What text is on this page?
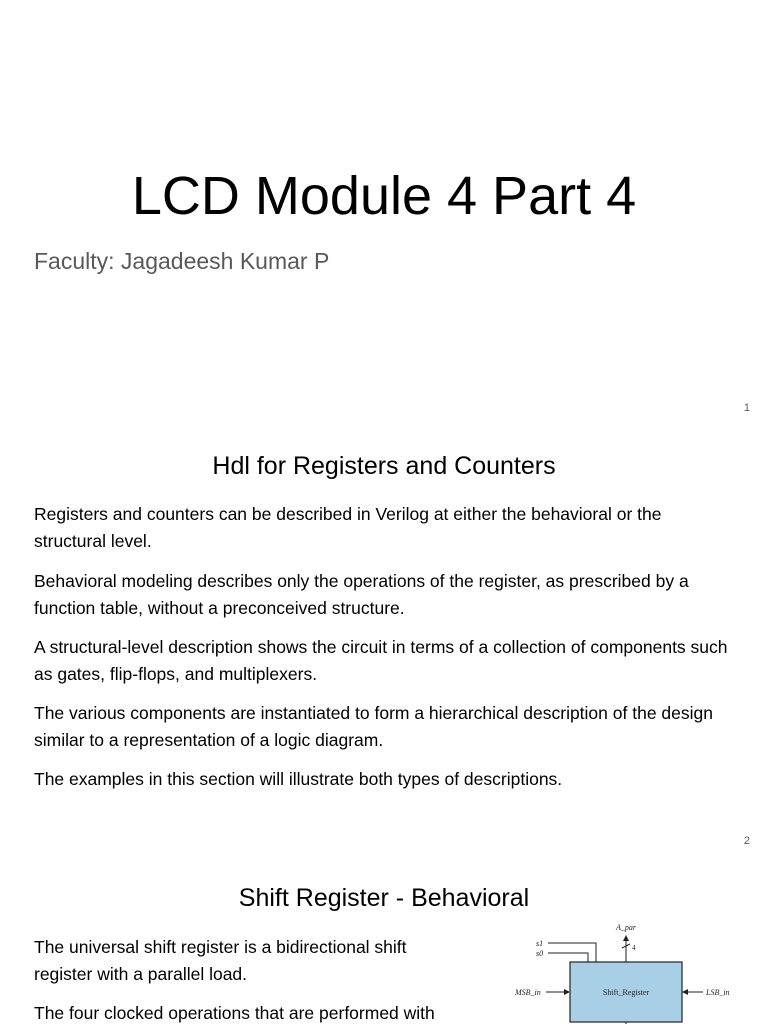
LCD Module 4 Part 4

Faculty: Jagadeesh Kumar P

1
Hdl for Registers and Counters

Registers and counters can be described in Verilog at either the behavioral or the structural level.

Behavioral modeling describes only the operations of the register, as prescribed by a function table, without a preconceived structure.

A structural-level description shows the circuit in terms of a collection of components such as gates, flip-flops, and multiplexers.

The various components are instantiated to form a hierarchical description of the design similar to a representation of a logic diagram.

The examples in this section will illustrate both types of descriptions.

2
Shift Register - Behavioral

The universal shift register is a bidirectional shift register with a parallel load.

The four clocked operations that are performed with

Shift_Register
s1
s0
A_par
4
MSB_in	LSB_in
